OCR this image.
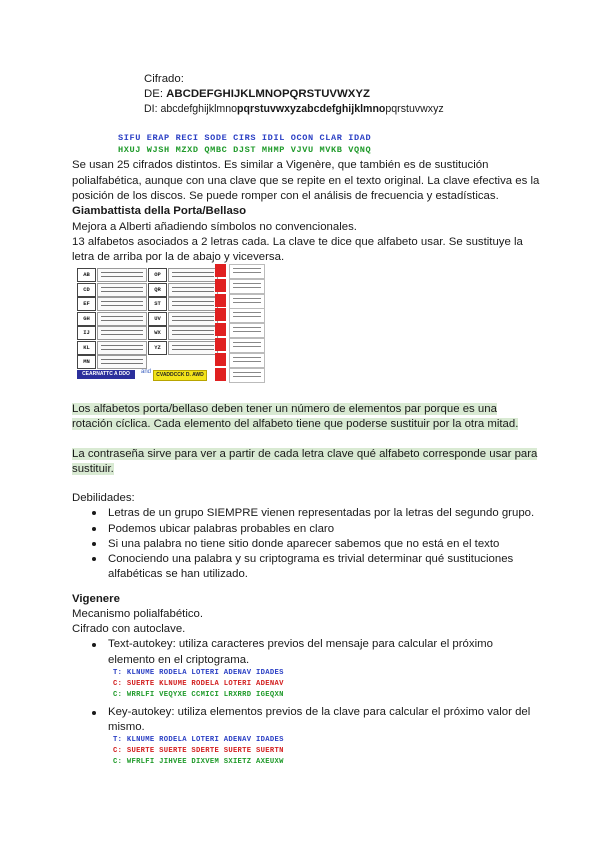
Cifrado:
DE: ABCDEFGHIJKLMNOPQRSTUVWXYZ
DI: abcdefghijklmnopqrstuvwxyzabcdefghijklmnopqrstuvwxyz
SIFU ERAP RECI SODE CIRS IDIL OCON CLAR IDAD
HXUJ WJSH MZXD QMBC DJST MHMP VJVU MVKB VQNQ
Se usan 25 cifrados distintos. Es similar a Vigenère, que también es de sustitución
polialfabética, aunque con una clave que se repite en el texto original. La clave efectiva es la
posición de los discos. Se puede romper con el análisis de frecuencia y estadísticas.
Giambattista della Porta/Bellaso
Mejora a Alberti añadiendo símbolos no convencionales.
13 alfabetos asociados a 2 letras cada. La clave te dice que alfabeto usar. Se sustituye la
letra de arriba por la de abajo y viceversa.
AB
CD
EF
GH
IJ
KL
MN
OP
QR
ST
UV
WX
YZ
CEARNATTC A DDO	and	CVADDCCK D. AWD
Los alfabetos porta/bellaso deben tener un número de elementos par porque es una
rotación cíclica. Cada elemento del alfabeto tiene que poderse sustituir por la otra mitad.
La contraseña sirve para ver a partir de cada letra clave qué alfabeto corresponde usar para
sustituir.
Debilidades:
Letras de un grupo SIEMPRE vienen representadas por la letras del segundo grupo.
Podemos ubicar palabras probables en claro
Si una palabra no tiene sitio donde aparecer sabemos que no está en el texto
Conociendo una palabra y su criptograma es trivial determinar qué sustituciones
alfabéticas se han utilizado.
Vigenere
Mecanismo polialfabético.
Cifrado con autoclave.
Text-autokey: utiliza caracteres previos del mensaje para calcular el próximo
elemento en el criptograma.
T: KLNUME RODELA LOTERI ADENAV IDADES
C: SUERTE KLNUME RODELA LOTERI ADENAV
C: WRRLFI VEQYXE CCMICI LRXRRD IGEQXN
Key-autokey: utiliza elementos previos de la clave para calcular el próximo valor del
mismo.
T: KLNUME RODELA LOTERI ADENAV IDADES
C: SUERTE SUERTE SDERTE SUERTE SUERTN
C: WFRLFI JIHVEE DIXVEM SXIETZ AXEUXW
